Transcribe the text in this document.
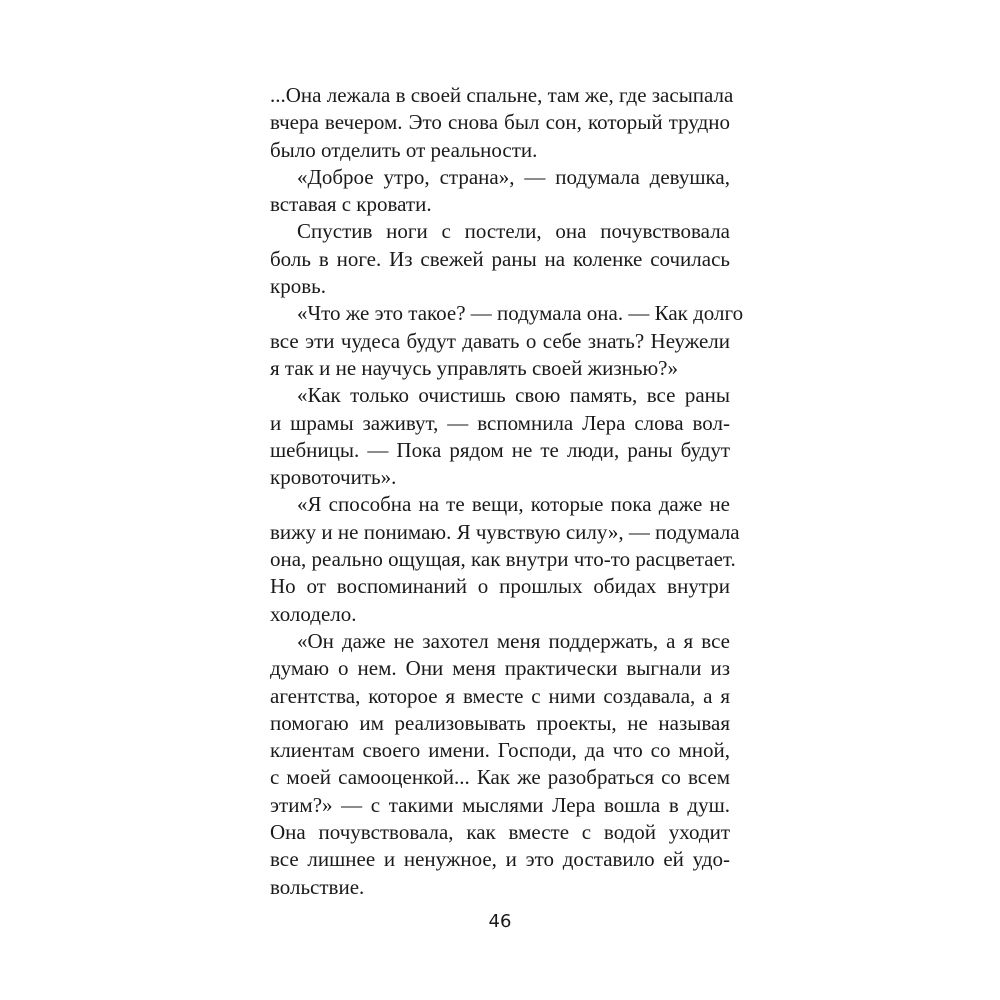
...Она лежала в своей спальне, там же, где засыпала
вчера вечером. Это снова был сон, который трудно
было отделить от реальности.
«Доброе утро, страна», — подумала девушка,
вставая с кровати.
Спустив ноги с постели, она почувствовала
боль в ноге. Из свежей раны на коленке сочилась
кровь.
«Что же это такое? — подумала она. — Как долго
все эти чудеса будут давать о себе знать? Неужели
я так и не научусь управлять своей жизнью?»
«Как только очистишь свою память, все раны
и шрамы заживут, — вспомнила Лера слова вол-
шебницы. — Пока рядом не те люди, раны будут
кровоточить».
«Я способна на те вещи, которые пока даже не
вижу и не понимаю. Я чувствую силу», — подумала
она, реально ощущая, как внутри что-то расцветает.
Но от воспоминаний о прошлых обидах внутри
холодело.
«Он даже не захотел меня поддержать, а я все
думаю о нем. Они меня практически выгнали из
агентства, которое я вместе с ними создавала, а я
помогаю им реализовывать проекты, не называя
клиентам своего имени. Господи, да что со мной,
с моей самооценкой... Как же разобраться со всем
этим?» — с такими мыслями Лера вошла в душ.
Она почувствовала, как вместе с водой уходит
все лишнее и ненужное, и это доставило ей удо-
вольствие.
46
